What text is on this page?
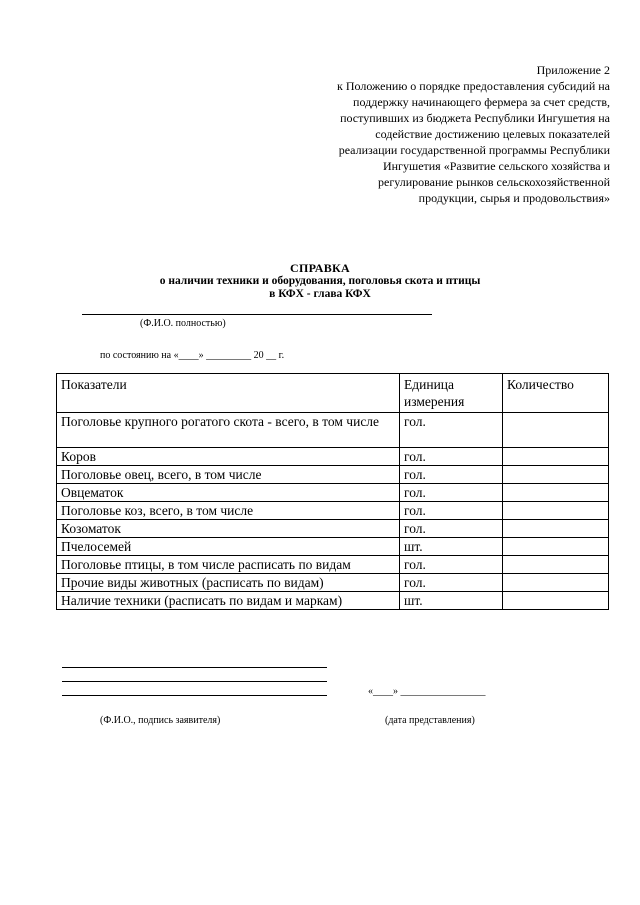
Приложение 2
к Положению о порядке предоставления субсидий на
поддержку начинающего фермера за счет средств,
поступивших из бюджета Республики Ингушетия на
содействие достижению целевых показателей
реализации государственной программы Республики
Ингушетия «Развитие сельского хозяйства и
регулирование рынков сельскохозяйственной
продукции, сырья и продовольствия»
СПРАВКА
о наличии техники и оборудования, поголовья скота и птицы
в КФХ - глава КФХ
(Ф.И.О. полностью)
по состоянию на «____» _________ 20 __ г.
Показатели	Единица измерения	Количество
Поголовье крупного рогатого скота - всего, в том числе	гол.	
Коров	гол.	
Поголовье овец, всего, в том числе	гол.	
Овцематок	гол.	
Поголовье коз, всего, в том числе	гол.	
Козоматок	гол.	
Пчелосемей	шт.	
Поголовье птицы, в том числе расписать по видам	гол.	
Прочие виды животных (расписать по видам)	гол.	
Наличие техники (расписать по видам и маркам)	шт.	
«____» _________________
(Ф.И.О., подпись заявителя)	(дата представления)
